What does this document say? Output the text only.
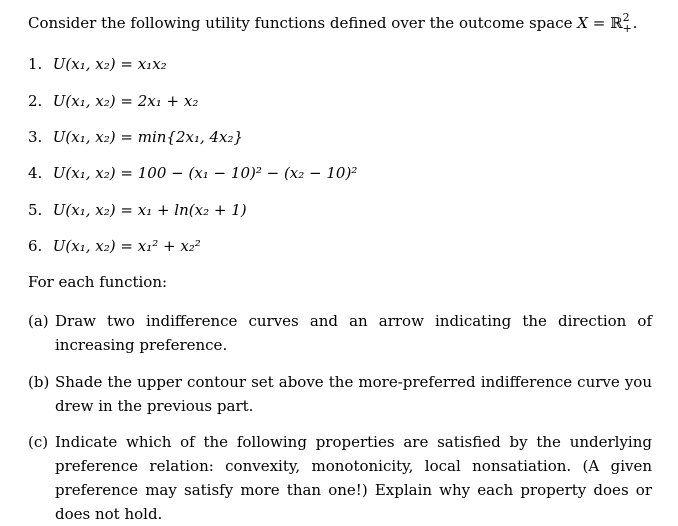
Consider the following utility functions defined over the outcome space X = ℝ 2
+ .
1. U(x₁, x₂) = x₁x₂
2. U(x₁, x₂) = 2x₁ + x₂
3. U(x₁, x₂) = min{2x₁, 4x₂}
4. U(x₁, x₂) = 100 − (x₁ − 10)² − (x₂ − 10)²
5. U(x₁, x₂) = x₁ + ln(x₂ + 1)
6. U(x₁, x₂) = x₁² + x₂²
For each function:
(a) Draw two indifference curves and an arrow indicating the direction of increasing preference.
(b) Shade the upper contour set above the more-preferred indifference curve you drew in the previous part.
(c) Indicate which of the following properties are satisfied by the underlying preference relation: convexity, monotonicity, local nonsatiation. (A given preference may satisfy more than one!) Explain why each property does or does not hold.
